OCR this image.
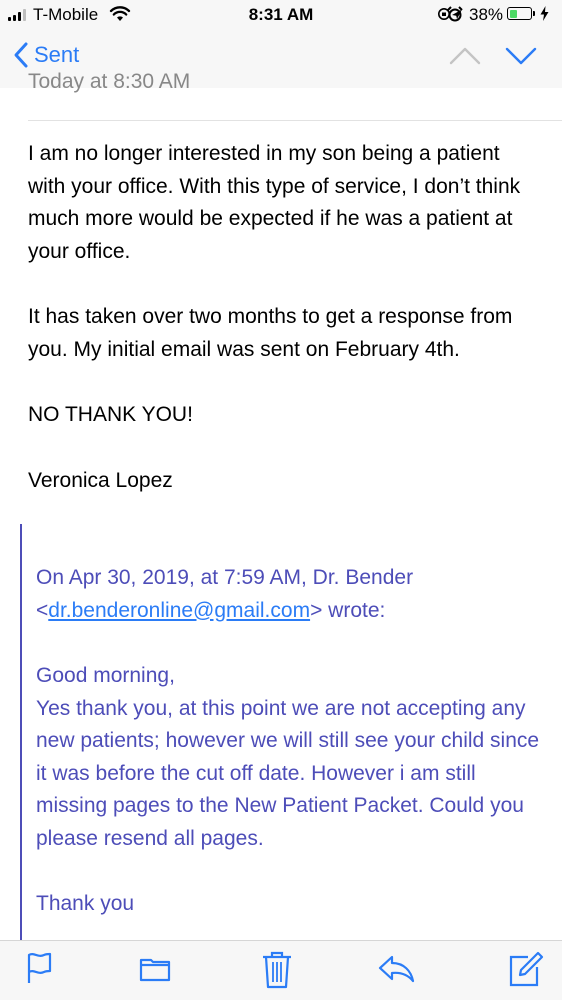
T-Mobile	8:31 AM	38%
Sent
Today at 8:30 AM

I am no longer interested in my son being a patient with your office. With this type of service, I don’t think much more would be expected if he was a patient at your office.

It has taken over two months to get a response from you. My initial email was sent on February 4th.

NO THANK YOU!

Veronica Lopez

On Apr 30, 2019, at 7:59 AM, Dr. Bender
<dr.benderonline@gmail.com> wrote:

Good morning,
Yes thank you, at this point we are not accepting any new patients; however we will still see your child since it was before the cut off date. However i am still missing pages to the New Patient Packet. Could you please resend all pages.

Thank you
